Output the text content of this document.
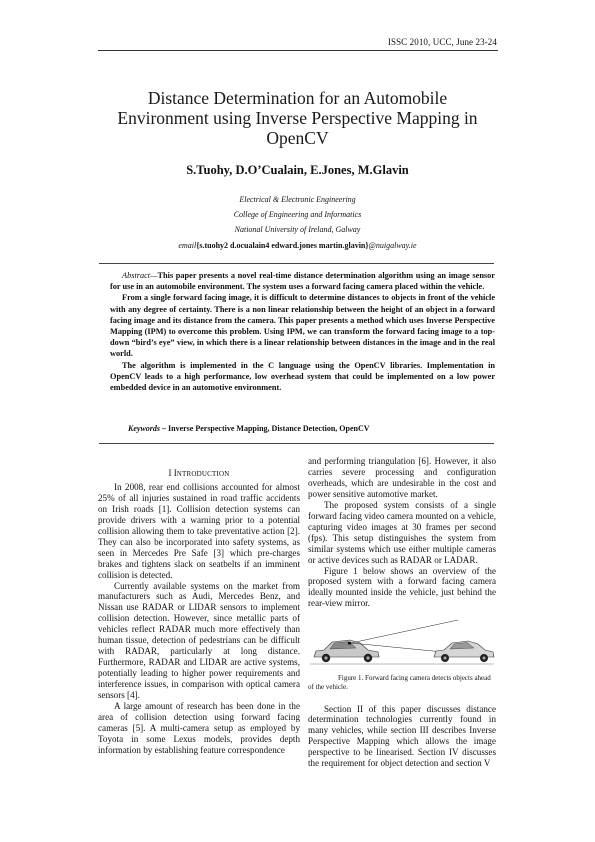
ISSC 2010, UCC, June 23-24
Distance Determination for an Automobile Environment using Inverse Perspective Mapping in OpenCV
S.Tuohy, D.O’Cualain, E.Jones, M.Glavin
Electrical & Electronic Engineering
College of Engineering and Informatics
National University of Ireland, Galway
email{s.tuohy2 d.ocualain4 edward.jones martin.glavin}@nuigalway.ie

Abstract—This paper presents a novel real-time distance determination algorithm using an image sensor for use in an automobile environment. The system uses a forward facing camera placed within the vehicle.

From a single forward facing image, it is difficult to determine distances to objects in front of the vehicle with any degree of certainty. There is a non linear relationship between the height of an object in a forward facing image and its distance from the camera. This paper presents a method which uses Inverse Perspective Mapping (IPM) to overcome this problem. Using IPM, we can transform the forward facing image to a top-down “bird’s eye” view, in which there is a linear relationship between distances in the image and in the real world.

The algorithm is implemented in the C language using the OpenCV libraries. Implementation in OpenCV leads to a high performance, low overhead system that could be implemented on a low power embedded device in an automotive environment.

Keywords – Inverse Perspective Mapping, Distance Detection, OpenCV
I INTRODUCTION

In 2008, rear end collisions accounted for almost 25% of all injuries sustained in road traffic accidents on Irish roads [1]. Collision detection systems can provide drivers with a warning prior to a potential collision allowing them to take preventative action [2]. They can also be incorporated into safety systems, as seen in Mercedes Pre Safe [3] which pre-charges brakes and tightens slack on seatbelts if an imminent collision is detected.

Currently available systems on the market from manufacturers such as Audi, Mercedes Benz, and Nissan use RADAR or LIDAR sensors to implement collision detection. However, since metallic parts of vehicles reflect RADAR much more effectively than human tissue, detection of pedestrians can be difficult with RADAR, particularly at long distance. Furthermore, RADAR and LIDAR are active systems, potentially leading to higher power requirements and interference issues, in comparison with optical camera sensors [4].

A large amount of research has been done in the area of collision detection using forward facing cameras [5]. A multi-camera setup as employed by Toyota in some Lexus models, provides depth information by establishing feature correspondence

and performing triangulation [6]. However, it also carries severe processing and configuration overheads, which are undesirable in the cost and power sensitive automotive market.

The proposed system consists of a single forward facing video camera mounted on a vehicle, capturing video images at 30 frames per second (fps). This setup distinguishes the system from similar systems which use either multiple cameras or active devices such as RADAR or LADAR.

Figure 1 below shows an overview of the proposed system with a forward facing camera ideally mounted inside the vehicle, just behind the rear-view mirror.

Figure 1. Forward facing camera detects objects ahead of the vehicle.

Section II of this paper discusses distance determination technologies currently found in many vehicles, while section III describes Inverse Perspective Mapping which allows the image perspective to be linearised. Section IV discusses the requirement for object detection and section V
